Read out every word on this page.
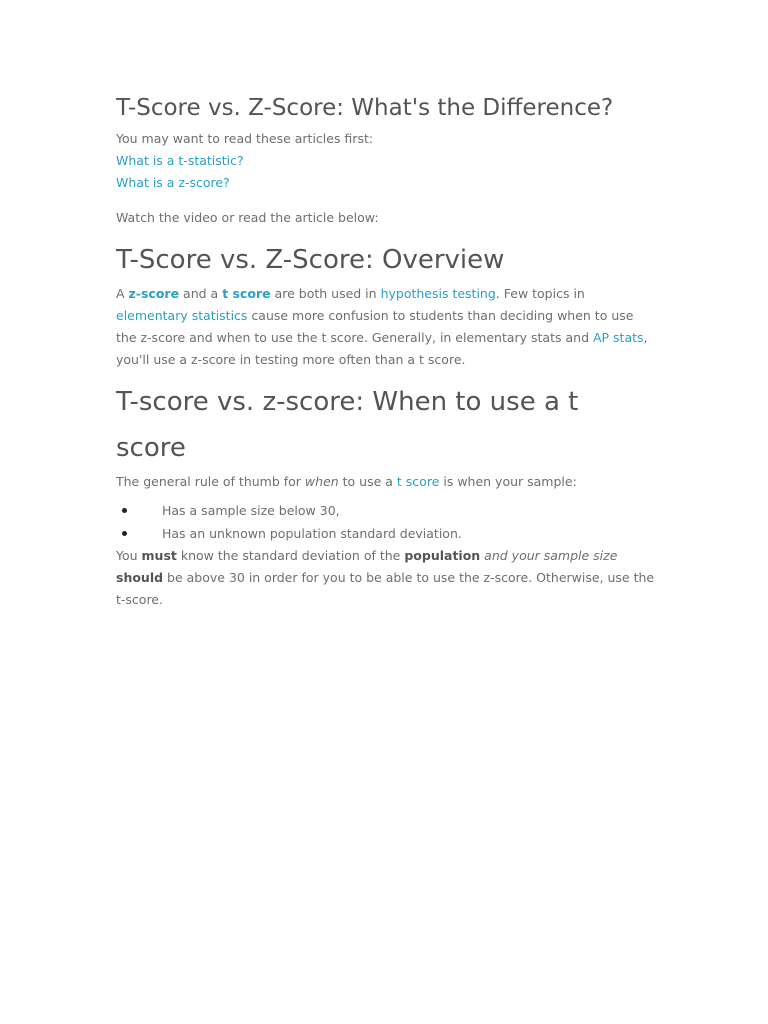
T-Score vs. Z-Score: What's the Difference?

You may want to read these articles first:

What is a t-statistic?

What is a z-score?

Watch the video or read the article below:

T-Score vs. Z-Score: Overview

A z-score and a t score are both used in hypothesis testing. Few topics in elementary statistics cause more confusion to students than deciding when to use the z-score and when to use the t score. Generally, in elementary stats and AP stats, you'll use a z-score in testing more often than a t score.

T-score vs. z-score: When to use a t score

The general rule of thumb for when to use a t score is when your sample:

Has a sample size below 30,
Has an unknown population standard deviation.

You must know the standard deviation of the population and your sample size should be above 30 in order for you to be able to use the z-score. Otherwise, use the t-score.
